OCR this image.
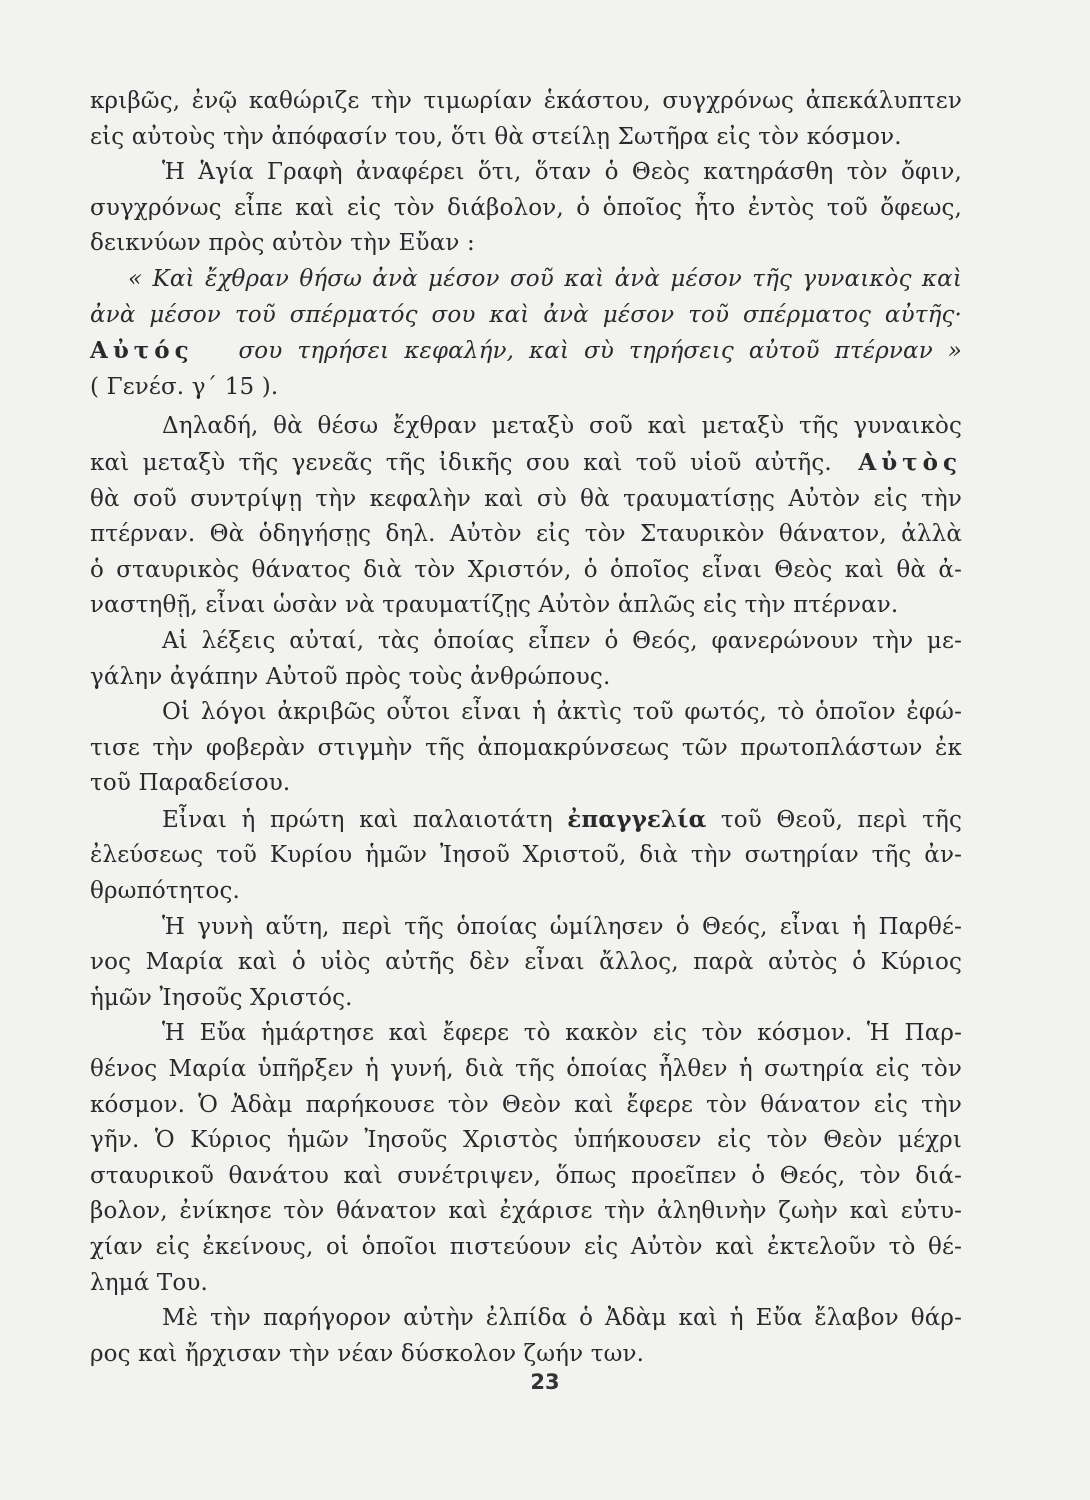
κριβῶς, ἐνῷ καθώριζε τὴν τιμωρίαν ἑκάστου, συγχρόνως ἀπεκάλυπτεν
εἰς αὐτοὺς τὴν ἀπόφασίν του, ὅτι θὰ στείλῃ Σωτῆρα εἰς τὸν κόσμον.
Ἡ Ἁγία Γραφὴ ἀναφέρει ὅτι, ὅταν ὁ Θεὸς κατηράσθη τὸν ὄφιν,
συγχρόνως εἶπε καὶ εἰς τὸν διάβολον, ὁ ὁποῖος ἦτο ἐντὸς τοῦ ὄφεως,
δεικνύων πρὸς αὐτὸν τὴν Εὔαν :
« Καὶ ἔχθραν θήσω ἀνὰ μέσον σοῦ καὶ ἀνὰ μέσον τῆς γυναικὸς καὶ
ἀνὰ μέσον τοῦ σπέρματός σου καὶ ἀνὰ μέσον τοῦ σπέρματος αὐτῆς·
Αὐτός σου τηρήσει κεφαλήν, καὶ σὺ τηρήσεις αὐτοῦ πτέρναν »
( Γενέσ. γ΄ 15 ).
Δηλαδή, θὰ θέσω ἔχθραν μεταξὺ σοῦ καὶ μεταξὺ τῆς γυναικὸς
καὶ μεταξὺ τῆς γενεᾶς τῆς ἰδικῆς σου καὶ τοῦ υἱοῦ αὐτῆς. Αὐτὸς
θὰ σοῦ συντρίψῃ τὴν κεφαλὴν καὶ σὺ θὰ τραυματίσῃς Αὐτὸν εἰς τὴν
πτέρναν. Θὰ ὁδηγήσῃς δηλ. Αὐτὸν εἰς τὸν Σταυρικὸν θάνατον, ἀλλὰ
ὁ σταυρικὸς θάνατος διὰ τὸν Χριστόν, ὁ ὁποῖος εἶναι Θεὸς καὶ θὰ ἀ-
ναστηθῇ, εἶναι ὡσὰν νὰ τραυματίζῃς Αὐτὸν ἁπλῶς εἰς τὴν πτέρναν.
Αἱ λέξεις αὐταί, τὰς ὁποίας εἶπεν ὁ Θεός, φανερώνουν τὴν με-
γάλην ἀγάπην Αὐτοῦ πρὸς τοὺς ἀνθρώπους.
Οἱ λόγοι ἀκριβῶς οὗτοι εἶναι ἡ ἀκτὶς τοῦ φωτός, τὸ ὁποῖον ἐφώ-
τισε τὴν φοβερὰν στιγμὴν τῆς ἀπομακρύνσεως τῶν πρωτοπλάστων ἐκ
τοῦ Παραδείσου.
Εἶναι ἡ πρώτη καὶ παλαιοτάτη ἐπαγγελία τοῦ Θεοῦ, περὶ τῆς
ἐλεύσεως τοῦ Κυρίου ἡμῶν Ἰησοῦ Χριστοῦ, διὰ τὴν σωτηρίαν τῆς ἀν-
θρωπότητος.
Ἡ γυνὴ αὕτη, περὶ τῆς ὁποίας ὡμίλησεν ὁ Θεός, εἶναι ἡ Παρθέ-
νος Μαρία καὶ ὁ υἱὸς αὐτῆς δὲν εἶναι ἄλλος, παρὰ αὐτὸς ὁ Κύριος
ἡμῶν Ἰησοῦς Χριστός.
Ἡ Εὔα ἡμάρτησε καὶ ἔφερε τὸ κακὸν εἰς τὸν κόσμον. Ἡ Παρ-
θένος Μαρία ὑπῆρξεν ἡ γυνή, διὰ τῆς ὁποίας ἦλθεν ἡ σωτηρία εἰς τὸν
κόσμον. Ὁ Ἀδὰμ παρήκουσε τὸν Θεὸν καὶ ἔφερε τὸν θάνατον εἰς τὴν
γῆν. Ὁ Κύριος ἡμῶν Ἰησοῦς Χριστὸς ὑπήκουσεν εἰς τὸν Θεὸν μέχρι
σταυρικοῦ θανάτου καὶ συνέτριψεν, ὅπως προεῖπεν ὁ Θεός, τὸν διά-
βολον, ἐνίκησε τὸν θάνατον καὶ ἐχάρισε τὴν ἀληθινὴν ζωὴν καὶ εὐτυ-
χίαν εἰς ἐκείνους, οἱ ὁποῖοι πιστεύουν εἰς Αὐτὸν καὶ ἐκτελοῦν τὸ θέ-
λημά Του.
Μὲ τὴν παρήγορον αὐτὴν ἐλπίδα ὁ Ἀδὰμ καὶ ἡ Εὔα ἔλαβον θάρ-
ρος καὶ ἤρχισαν τὴν νέαν δύσκολον ζωήν των.
23
